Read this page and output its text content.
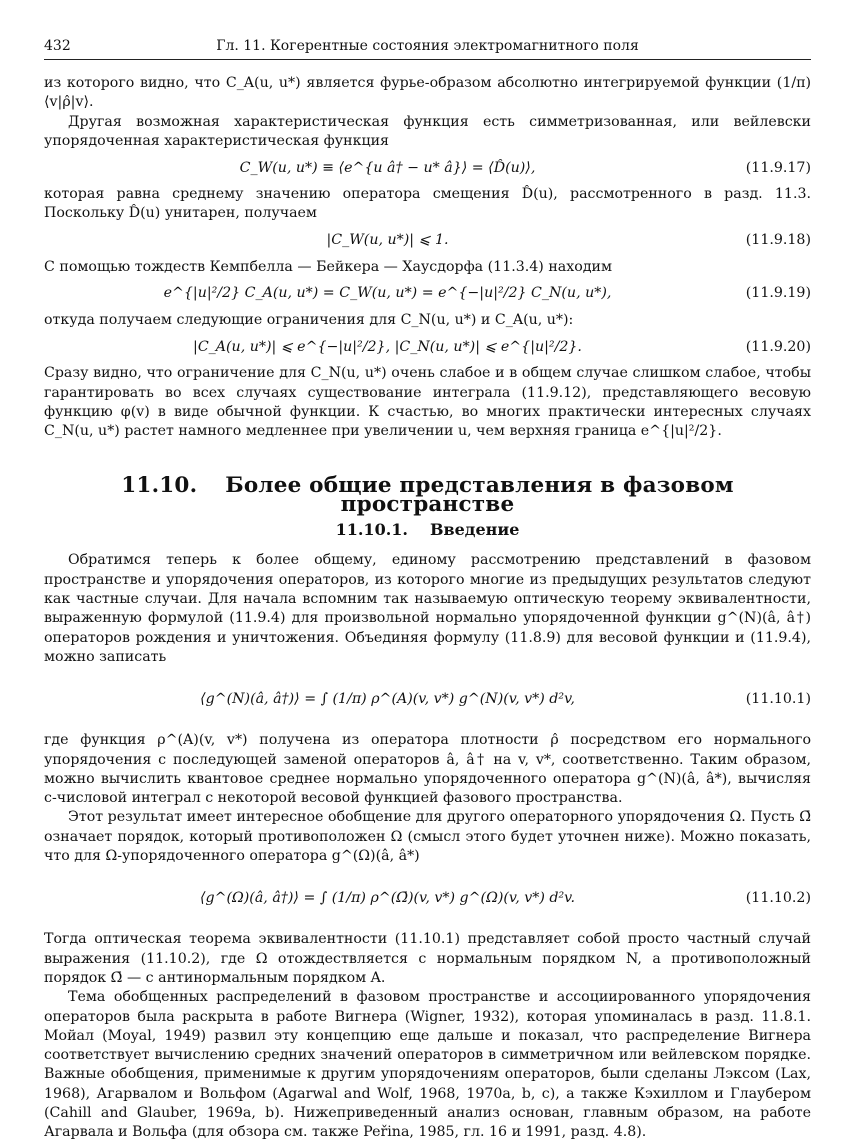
432	Гл. 11. Когерентные состояния электромагнитного поля

из которого видно, что C_A(u, u*) является фурье-образом абсолютно интегрируемой функции (1/π)⟨v|ρ̂|v⟩.

Другая возможная характеристическая функция есть симметризованная, или вейлевски упорядоченная характеристическая функция

C_W(u, u*) ≡ ⟨e^{u â† − u* â}⟩ = ⟨D̂(u)⟩,	(11.9.17)

которая равна среднему значению оператора смещения D̂(u), рассмотренного в разд. 11.3. Поскольку D̂(u) унитарен, получаем

|C_W(u, u*)| ⩽ 1.	(11.9.18)

С помощью тождеств Кемпбелла — Бейкера — Хаусдорфа (11.3.4) находим

e^{|u|²/2} C_A(u, u*) = C_W(u, u*) = e^{−|u|²/2} C_N(u, u*),	(11.9.19)

откуда получаем следующие ограничения для C_N(u, u*) и C_A(u, u*):

|C_A(u, u*)| ⩽ e^{−|u|²/2}, |C_N(u, u*)| ⩽ e^{|u|²/2}.	(11.9.20)

Сразу видно, что ограничение для C_N(u, u*) очень слабое и в общем случае слишком слабое, чтобы гарантировать во всех случаях существование интеграла (11.9.12), представляющего весовую функцию φ(v) в виде обычной функции. К счастью, во многих практически интересных случаях C_N(u, u*) растет намного медленнее при увеличении u, чем верхняя граница e^{|u|²/2}.

11.10. Более общие представления в фазовом пространстве
11.10.1. Введение

Обратимся теперь к более общему, единому рассмотрению представлений в фазовом пространстве и упорядочения операторов, из которого многие из предыдущих результатов следуют как частные случаи. Для начала вспомним так называемую оптическую теорему эквивалентности, выраженную формулой (11.9.4) для произвольной нормально упорядоченной функции g^(N)(â, â†) операторов рождения и уничтожения. Объединяя формулу (11.8.9) для весовой функции и (11.9.4), можно записать

⟨g^(N)(â, â†)⟩ = ∫ (1/π) ρ^(A)(v, v*) g^(N)(v, v*) d²v,	(11.10.1)

где функция ρ^(A)(v, v*) получена из оператора плотности ρ̂ посредством его нормального упорядочения с последующей заменой операторов â, â† на v, v*, соответственно. Таким образом, можно вычислить квантовое среднее нормально упорядоченного оператора g^(N)(â, â*), вычисляя c-числовой интеграл с некоторой весовой функцией фазового пространства.

Этот результат имеет интересное обобщение для другого операторного упорядочения Ω. Пусть Ω̄ означает порядок, который противоположен Ω (смысл этого будет уточнен ниже). Можно показать, что для Ω-упорядоченного оператора g^(Ω)(â, â*)

⟨g^(Ω)(â, â†)⟩ = ∫ (1/π) ρ^(Ω̄)(v, v*) g^(Ω)(v, v*) d²v.	(11.10.2)

Тогда оптическая теорема эквивалентности (11.10.1) представляет собой просто частный случай выражения (11.10.2), где Ω отождествляется с нормальным порядком N, а противоположный порядок Ω̄ — с антинормальным порядком A.

Тема обобщенных распределений в фазовом пространстве и ассоциированного упорядочения операторов была раскрыта в работе Вигнера (Wigner, 1932), которая упоминалась в разд. 11.8.1. Мойал (Moyal, 1949) развил эту концепцию еще дальше и показал, что распределение Вигнера соответствует вычислению средних значений операторов в симметричном или вейлевском порядке. Важные обобщения, применимые к другим упорядочениям операторов, были сделаны Лэксом (Lax, 1968), Агарвалом и Вольфом (Agarwal and Wolf, 1968, 1970a, b, c), а также Кэхиллом и Глаубером (Cahill and Glauber, 1969a, b). Нижеприведенный анализ основан, главным образом, на работе Агарвала и Вольфа (для обзора см. также Peřina, 1985, гл. 16 и 1991, разд. 4.8).
